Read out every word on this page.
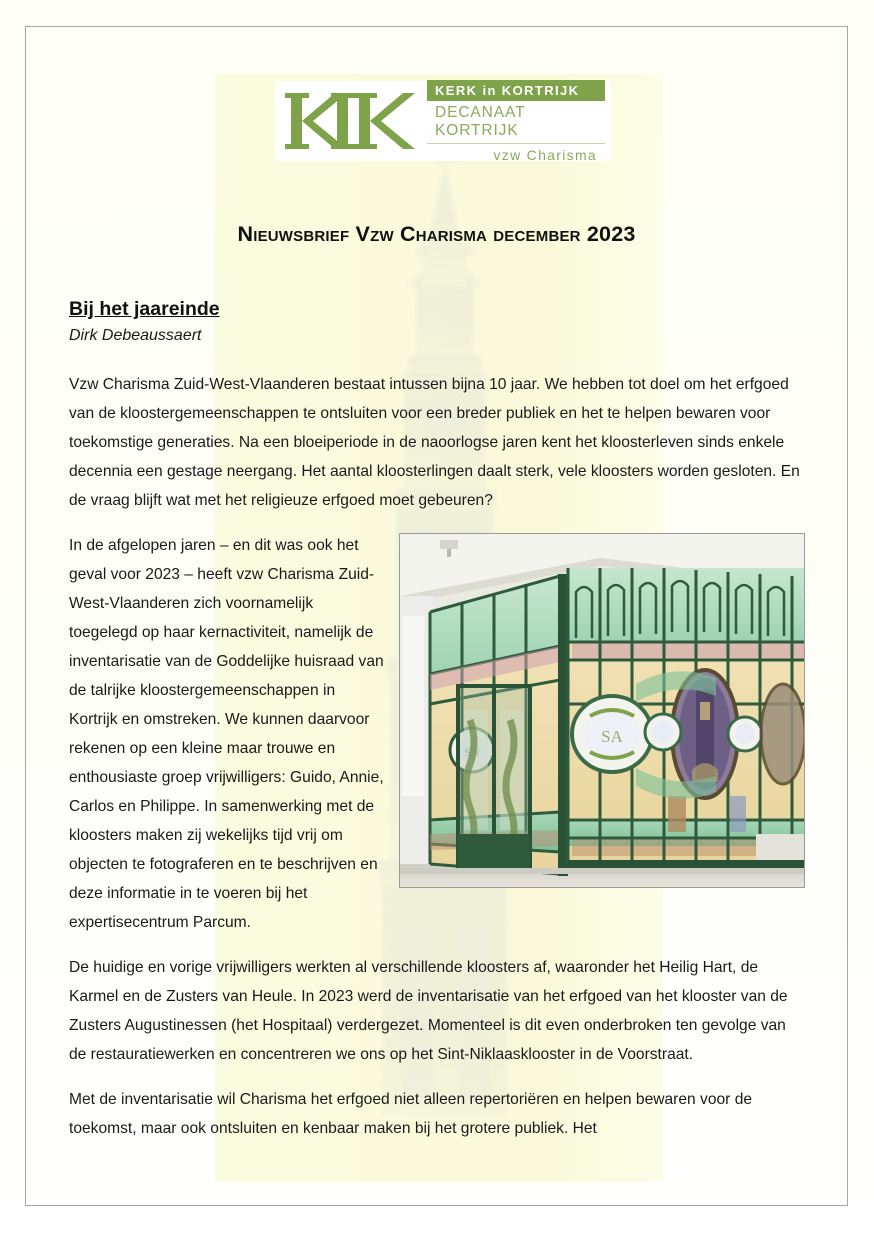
KERK in KORTRIJK
DECANAAT KORTRIJK
vzw Charisma
Nieuwsbrief Vzw Charisma december 2023
Bij het jaareinde
Dirk Debeaussaert

Vzw Charisma Zuid-West-Vlaanderen bestaat intussen bijna 10 jaar. We hebben tot doel om het erfgoed van de kloostergemeenschappen te ontsluiten voor een breder publiek en het te helpen bewaren voor toekomstige generaties. Na een bloeiperiode in de naoorlogse jaren kent het kloosterleven sinds enkele decennia een gestage neergang. Het aantal kloosterlingen daalt sterk, vele kloosters worden gesloten. En de vraag blijft wat met het religieuze erfgoed moet gebeuren?

SA

In de afgelopen jaren – en dit was ook het geval voor 2023 – heeft vzw Charisma Zuid-West-Vlaanderen zich voornamelijk toegelegd op haar kernactiviteit, namelijk de inventarisatie van de Goddelijke huisraad van de talrijke kloostergemeenschappen in Kortrijk en omstreken. We kunnen daarvoor rekenen op een kleine maar trouwe en enthousiaste groep vrijwilligers: Guido, Annie, Carlos en Philippe. In samenwerking met de kloosters maken zij wekelijks tijd vrij om objecten te fotograferen en te beschrijven en deze informatie in te voeren bij het expertisecentrum Parcum.

De huidige en vorige vrijwilligers werkten al verschillende kloosters af, waaronder het Heilig Hart, de Karmel en de Zusters van Heule. In 2023 werd de inventarisatie van het erfgoed van het klooster van de Zusters Augustinessen (het Hospitaal) verdergezet. Momenteel is dit even onderbroken ten gevolge van de restauratiewerken en concentreren we ons op het Sint-Niklaasklooster in de Voorstraat.

Met de inventarisatie wil Charisma het erfgoed niet alleen repertoriëren en helpen bewaren voor de toekomst, maar ook ontsluiten en kenbaar maken bij het grotere publiek. Het
